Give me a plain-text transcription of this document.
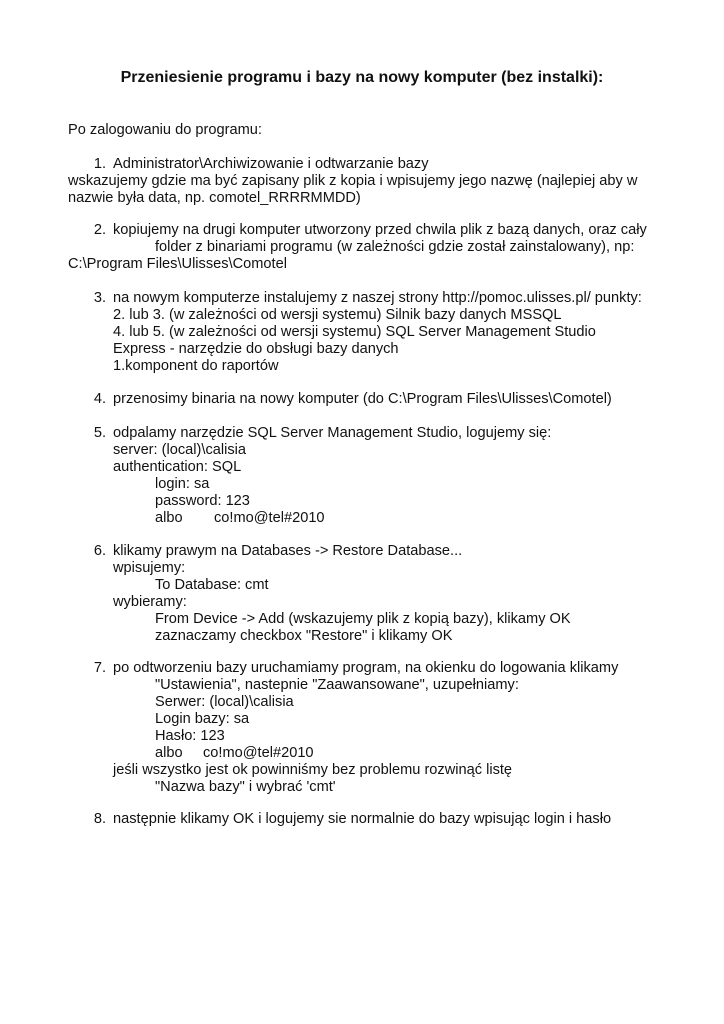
Przeniesienie programu i bazy na nowy komputer (bez instalki):
Po zalogowaniu do programu:
1. Administrator\Archiwizowanie i odtwarzanie bazy
wskazujemy gdzie ma być zapisany plik z kopia i wpisujemy jego nazwę (najlepiej aby w
nazwie była data, np. comotel_RRRRMMDD)
2. kopiujemy na drugi komputer utworzony przed chwila plik z bazą danych, oraz cały
folder z binariami programu (w zależności gdzie został zainstalowany), np:
C:\Program Files\Ulisses\Comotel
3. na nowym komputerze instalujemy z naszej strony http://pomoc.ulisses.pl/ punkty:
2. lub 3. (w zależności od wersji systemu) Silnik bazy danych MSSQL
4. lub 5. (w zależności od wersji systemu) SQL Server Management Studio
Express - narzędzie do obsługi bazy danych
1.komponent do raportów
4. przenosimy binaria na nowy komputer (do C:\Program Files\Ulisses\Comotel)
5. odpalamy narzędzie SQL Server Management Studio, logujemy się:
server: (local)\calisia
authentication: SQL
login: sa
password: 123
albo co!mo@tel#2010
6. klikamy prawym na Databases -> Restore Database...
wpisujemy:
To Database: cmt
wybieramy:
From Device -> Add (wskazujemy plik z kopią bazy), klikamy OK
zaznaczamy checkbox "Restore" i klikamy OK
7. po odtworzeniu bazy uruchamiamy program, na okienku do logowania klikamy
"Ustawienia", nastepnie "Zaawansowane", uzupełniamy:
Serwer: (local)\calisia
Login bazy: sa
Hasło: 123
albo co!mo@tel#2010
jeśli wszystko jest ok powinniśmy bez problemu rozwinąć listę
"Nazwa bazy" i wybrać 'cmt'
8. następnie klikamy OK i logujemy sie normalnie do bazy wpisując login i hasło
